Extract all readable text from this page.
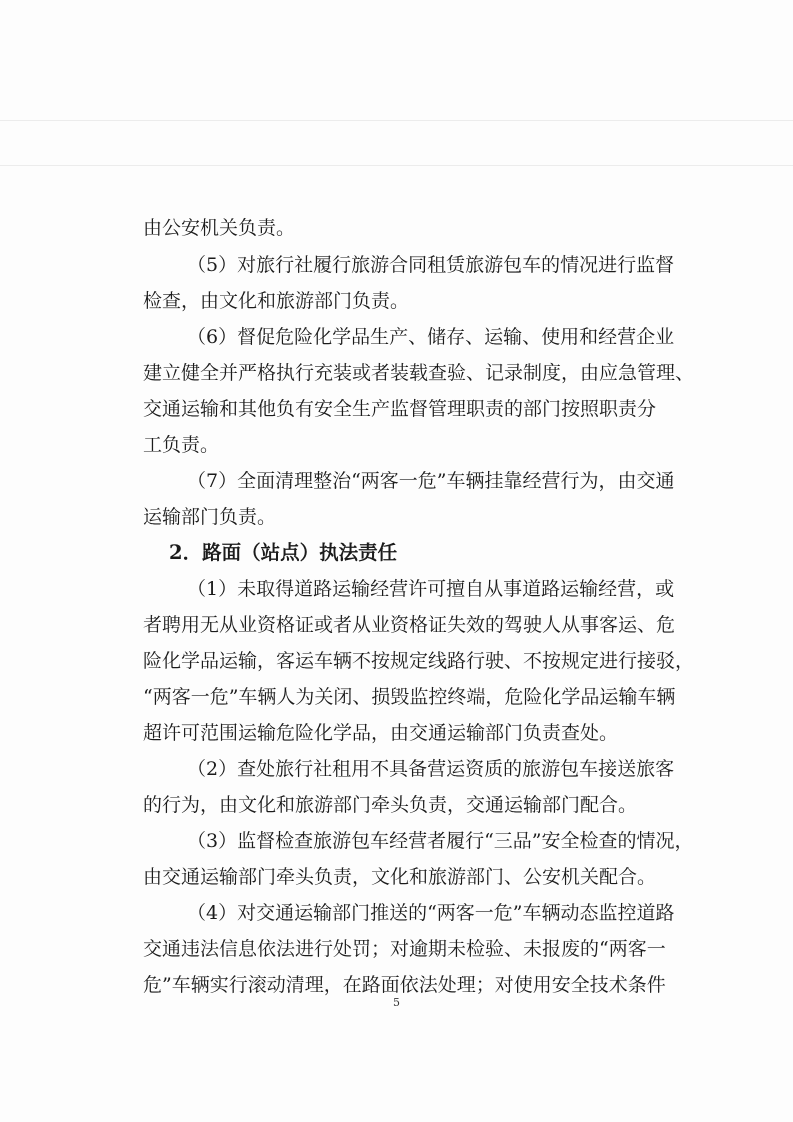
由公安机关负责。
（5）对旅行社履行旅游合同租赁旅游包车的情况进行监督
检查，由文化和旅游部门负责。
（6）督促危险化学品生产、储存、运输、使用和经营企业
建立健全并严格执行充装或者装载查验、记录制度，由应急管理、
交通运输和其他负有安全生产监督管理职责的部门按照职责分
工负责。
（7）全面清理整治“两客一危”车辆挂靠经营行为，由交通
运输部门负责。
2．路面（站点）执法责任
（1）未取得道路运输经营许可擅自从事道路运输经营，或
者聘用无从业资格证或者从业资格证失效的驾驶人从事客运、危
险化学品运输，客运车辆不按规定线路行驶、不按规定进行接驳，
“两客一危”车辆人为关闭、损毁监控终端，危险化学品运输车辆
超许可范围运输危险化学品，由交通运输部门负责查处。
（2）查处旅行社租用不具备营运资质的旅游包车接送旅客
的行为，由文化和旅游部门牵头负责，交通运输部门配合。
（3）监督检查旅游包车经营者履行“三品”安全检查的情况，
由交通运输部门牵头负责，文化和旅游部门、公安机关配合。
（4）对交通运输部门推送的“两客一危”车辆动态监控道路
交通违法信息依法进行处罚；对逾期未检验、未报废的“两客一
危”车辆实行滚动清理，在路面依法处理；对使用安全技术条件
5
